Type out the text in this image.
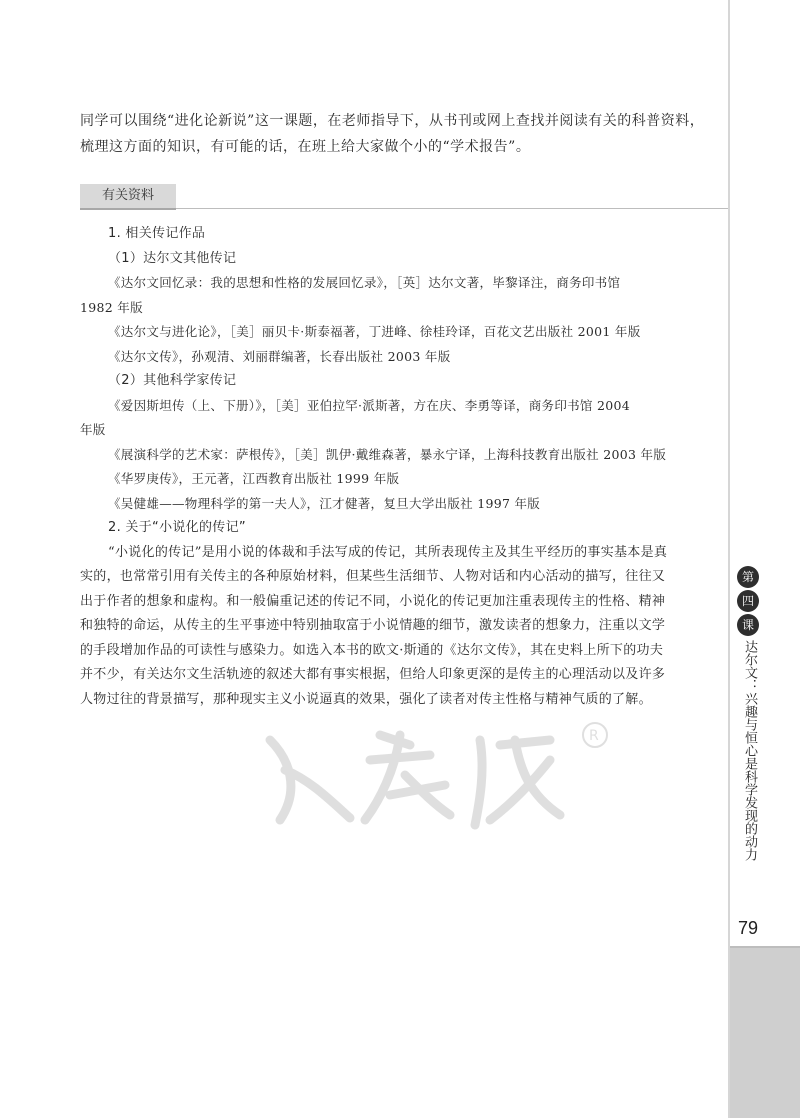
同学可以围绕“进化论新说”这一课题，在老师指导下，从书刊或网上查找并阅读有关的科普资料，

梳理这方面的知识，有可能的话，在班上给大家做个小的“学术报告”。

有关资料
1. 相关传记作品
（1）达尔文其他传记
《达尔文回忆录：我的思想和性格的发展回忆录》，［英］达尔文著，毕黎译注，商务印书馆
1982 年版
《达尔文与进化论》，［美］丽贝卡·斯泰福著，丁进峰、徐桂玲译，百花文艺出版社 2001 年版
《达尔文传》，孙观清、刘丽群编著，长春出版社 2003 年版
（2）其他科学家传记
《爱因斯坦传（上、下册）》，［美］亚伯拉罕·派斯著，方在庆、李勇等译，商务印书馆 2004
年版
《展演科学的艺术家：萨根传》，［美］凯伊·戴维森著，暴永宁译，上海科技教育出版社 2003 年版
《华罗庚传》，王元著，江西教育出版社 1999 年版
《吴健雄——物理科学的第一夫人》，江才健著，复旦大学出版社 1997 年版
2. 关于“小说化的传记”
“小说化的传记”是用小说的体裁和手法写成的传记，其所表现传主及其生平经历的事实基本是真
实的，也常常引用有关传主的各种原始材料，但某些生活细节、人物对话和内心活动的描写，往往又
出于作者的想象和虚构。和一般偏重记述的传记不同，小说化的传记更加注重表现传主的性格、精神
和独特的命运，从传主的生平事迹中特别抽取富于小说情趣的细节，激发读者的想象力，注重以文学
的手段增加作品的可读性与感染力。如选入本书的欧文·斯通的《达尔文传》，其在史料上所下的功夫
并不少，有关达尔文生活轨迹的叙述大都有事实根据，但给人印象更深的是传主的心理活动以及许多
人物过往的背景描写，那种现实主义小说逼真的效果，强化了读者对传主性格与精神气质的了解。
R
第
四
课
达尔文：兴趣与恒心是科学发现的动力
79
